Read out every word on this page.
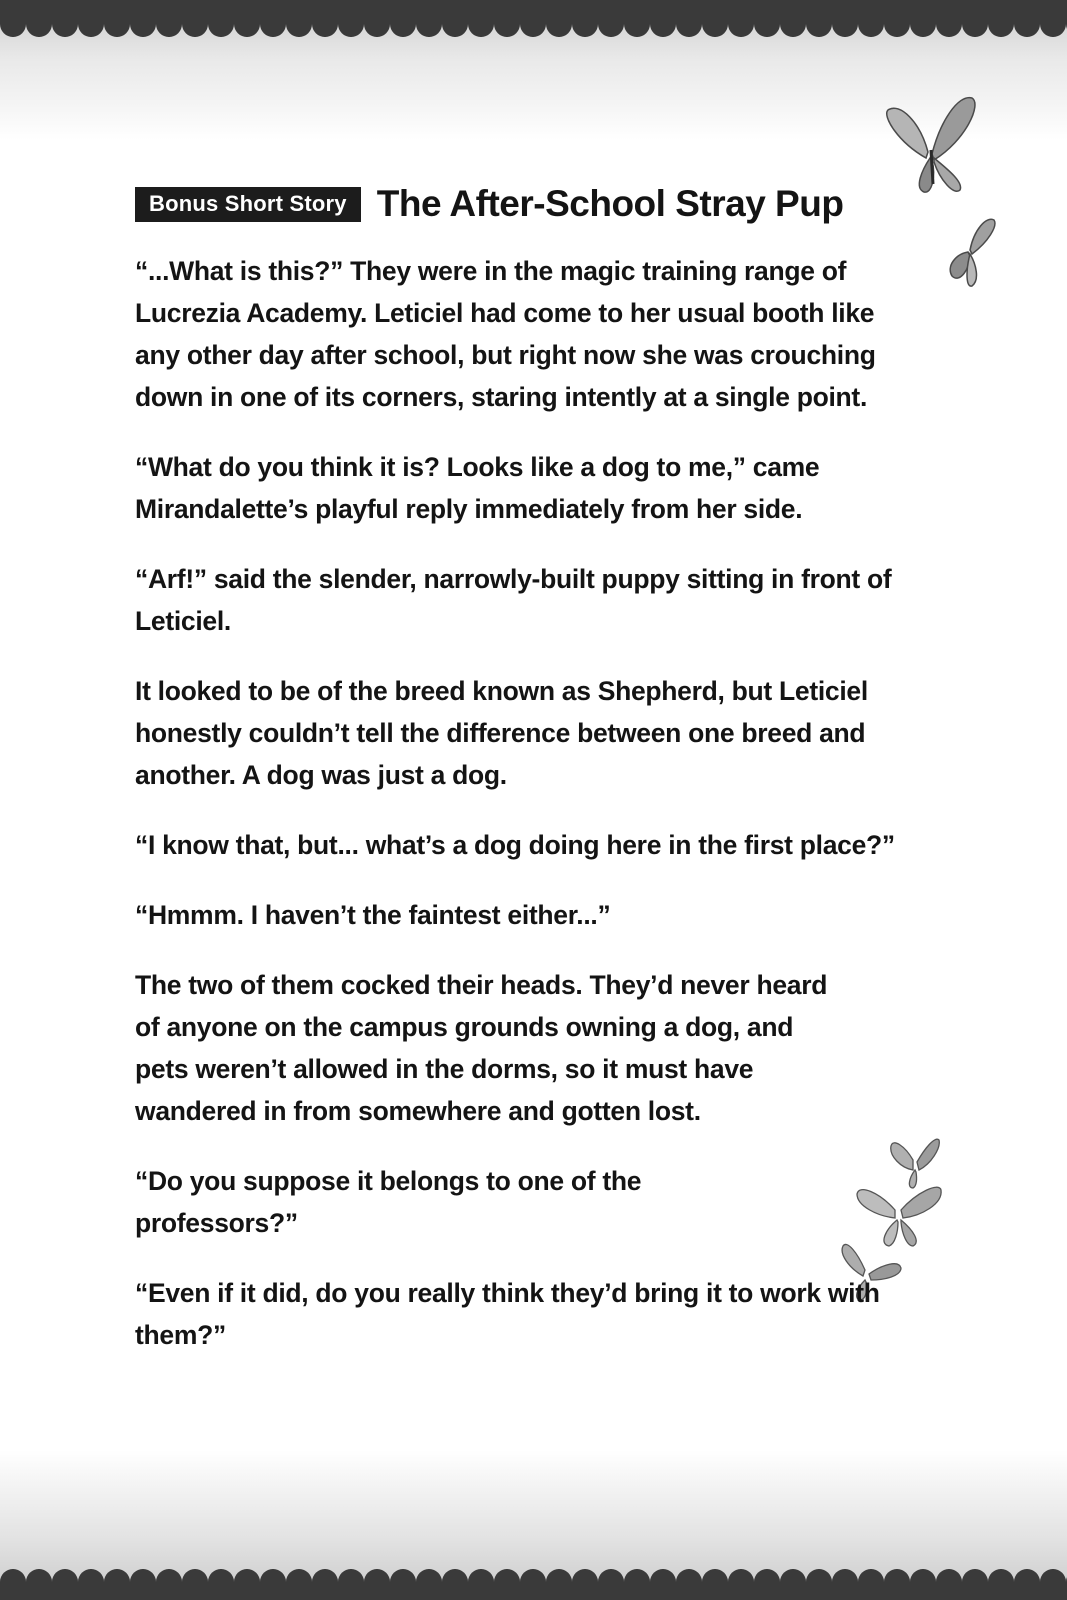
Bonus Short Story The After-School Stray Pup

“...What is this?” They were in the magic training range of Lucrezia Academy. Leticiel had come to her usual booth like any other day after school, but right now she was crouching down in one of its corners, staring intently at a single point.

“What do you think it is? Looks like a dog to me,” came Mirandalette’s playful reply immediately from her side.

“Arf!” said the slender, narrowly-built puppy sitting in front of Leticiel.

It looked to be of the breed known as Shepherd, but Leticiel honestly couldn’t tell the difference between one breed and another. A dog was just a dog.

“I know that, but... what’s a dog doing here in the first place?”

“Hmmm. I haven’t the faintest either...”

The two of them cocked their heads. They’d never heard of anyone on the campus grounds owning a dog, and pets weren’t allowed in the dorms, so it must have wandered in from somewhere and gotten lost.

“Do you suppose it belongs to one of the professors?”

“Even if it did, do you really think they’d bring it to work with them?”
